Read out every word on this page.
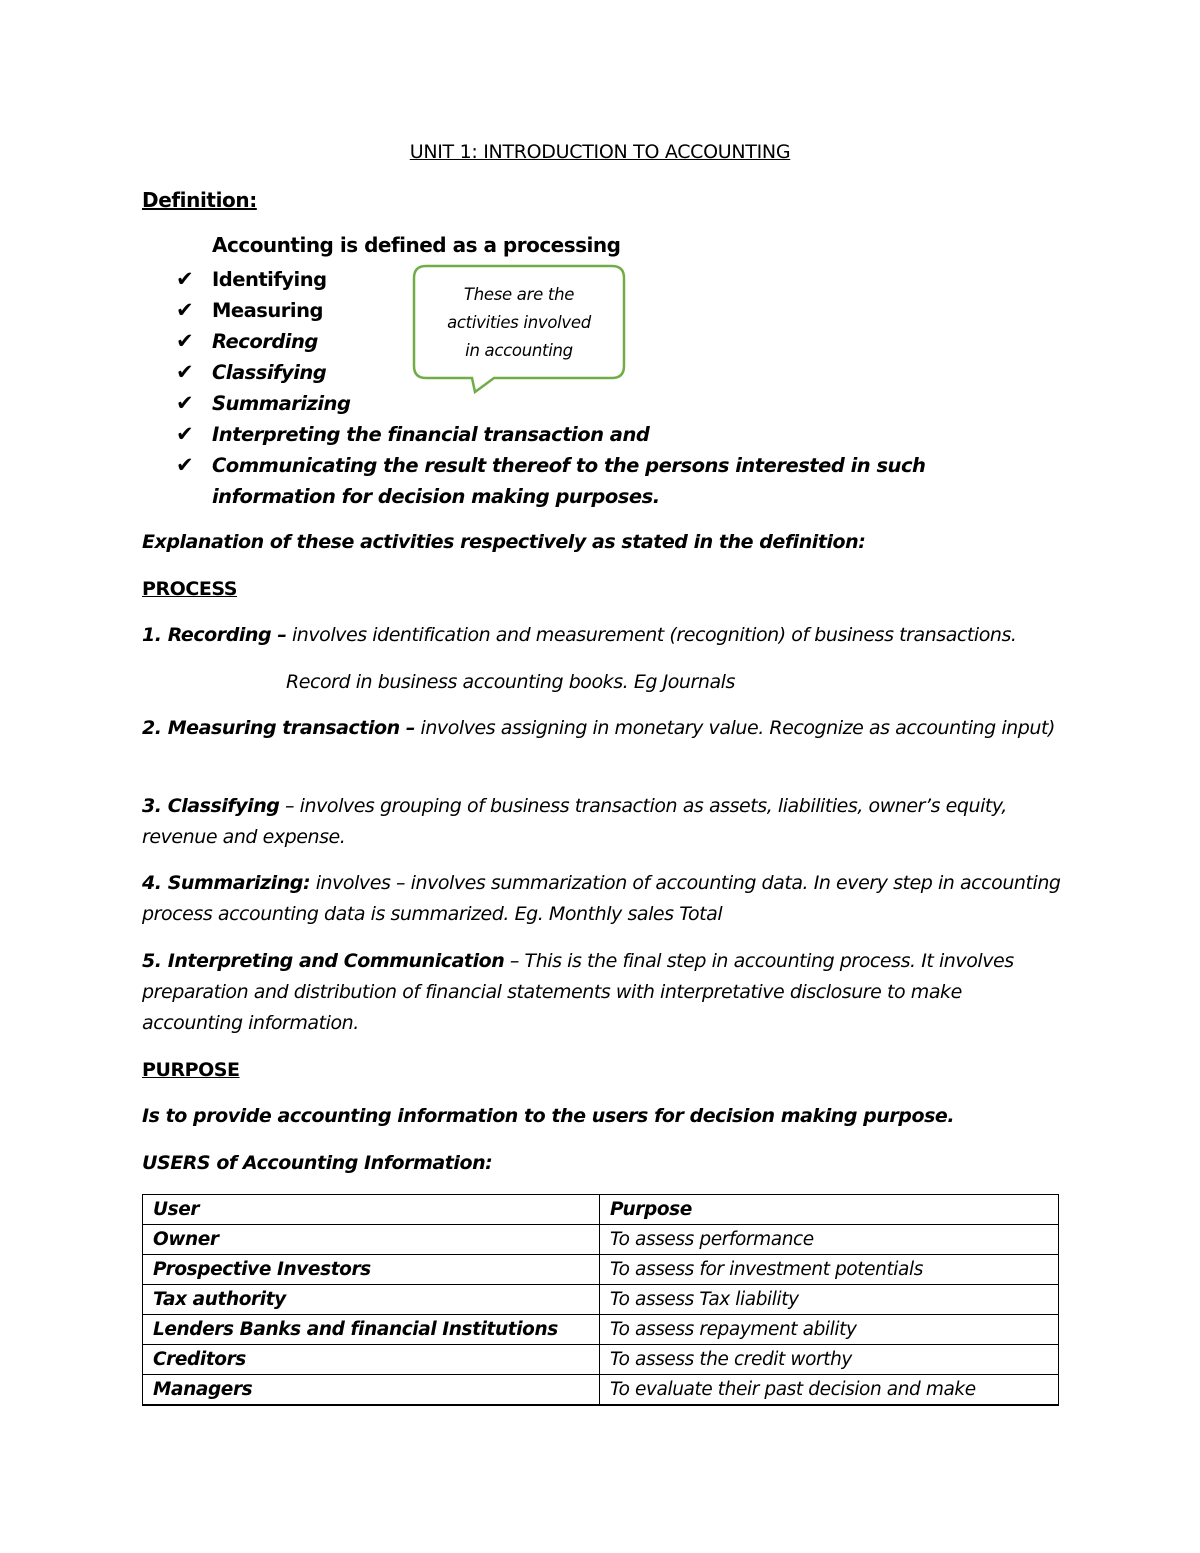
UNIT 1: INTRODUCTION TO ACCOUNTING

Definition:

Accounting is defined as a processing

✔ Identifying
✔ Measuring
✔ Recording
✔ Classifying
✔ Summarizing
✔ Interpreting the financial transaction and
✔ Communicating the result thereof to the persons interested in such information for decision making purposes.
These are the
activities involved
in accounting

Explanation of these activities respectively as stated in the definition:

PROCESS

1. Recording – involves identification and measurement (recognition) of business transactions.

Record in business accounting books. Eg Journals

2. Measuring transaction – involves assigning in monetary value. Recognize as accounting input)

3. Classifying – involves grouping of business transaction as assets, liabilities, owner’s equity, revenue and expense.

4. Summarizing: involves – involves summarization of accounting data. In every step in accounting process accounting data is summarized. Eg. Monthly sales Total

5. Interpreting and Communication – This is the final step in accounting process. It involves preparation and distribution of financial statements with interpretative disclosure to make accounting information.

PURPOSE

Is to provide accounting information to the users for decision making purpose.

USERS of Accounting Information:

User	Purpose
Owner	To assess performance
Prospective Investors	To assess for investment potentials
Tax authority	To assess Tax liability
Lenders Banks and financial Institutions	To assess repayment ability
Creditors	To assess the credit worthy
Managers	To evaluate their past decision and make
